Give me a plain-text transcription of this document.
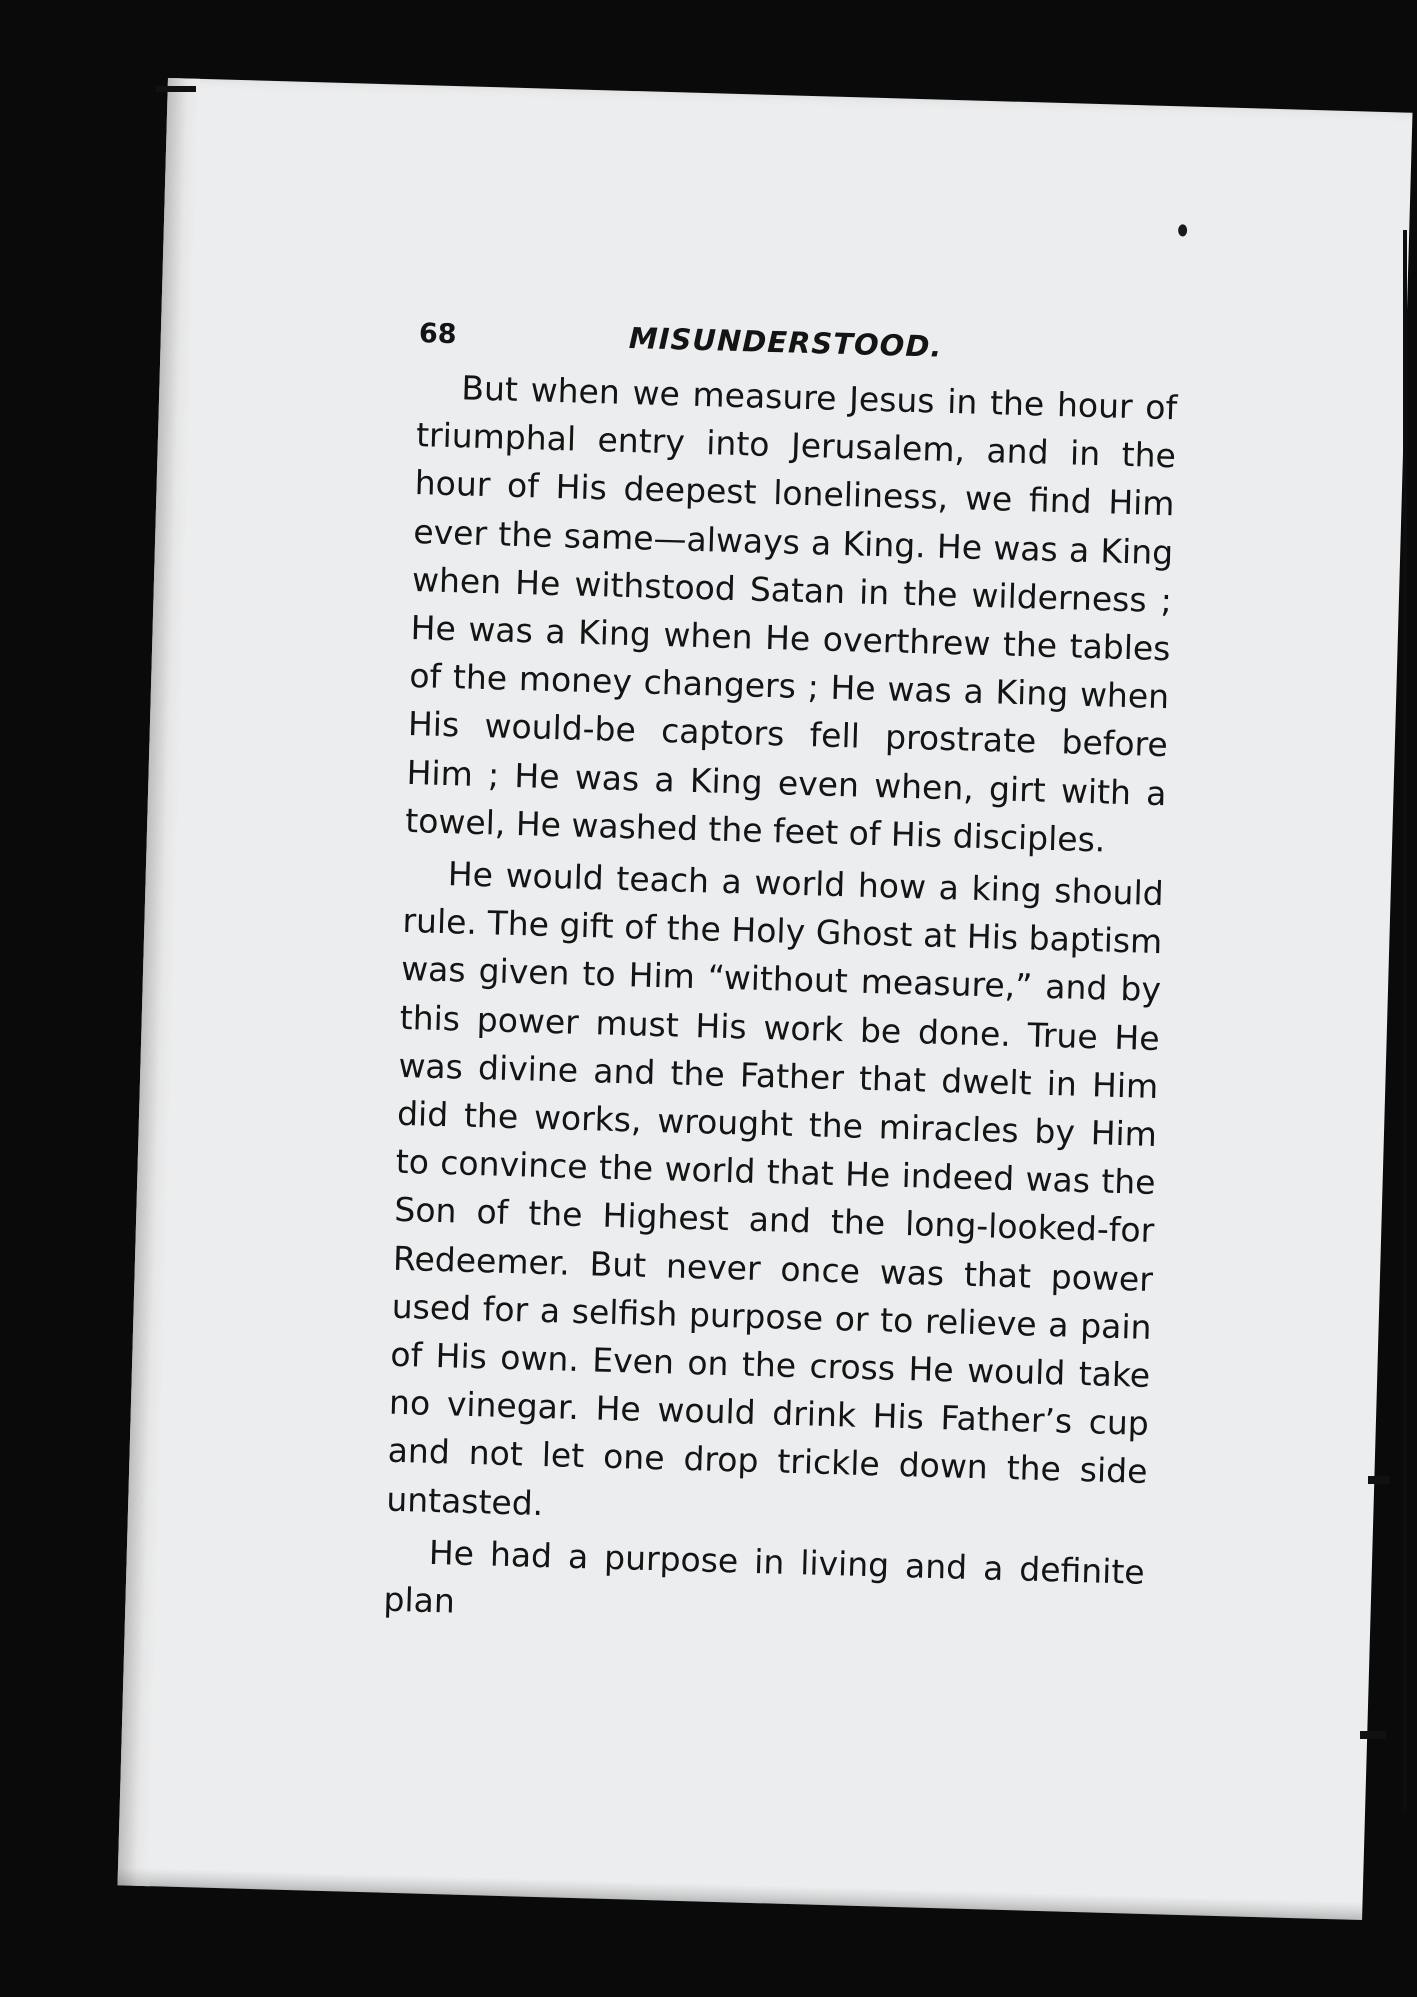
68	MISUNDERSTOOD.

But when we measure Jesus in the hour of triumphal entry into Jerusalem, and in the hour of His deepest loneliness, we find Him ever the same—always a King. He was a King when He withstood Satan in the wilderness ; He was a King when He overthrew the tables of the money changers ; He was a King when His would-be captors fell prostrate before Him ; He was a King even when, girt with a towel, He washed the feet of His disciples.

He would teach a world how a king should rule. The gift of the Holy Ghost at His baptism was given to Him “without measure,” and by this power must His work be done. True He was divine and the Father that dwelt in Him did the works, wrought the miracles by Him to convince the world that He indeed was the Son of the Highest and the long-looked-for Redeemer. But never once was that power used for a selfish purpose or to relieve a pain of His own. Even on the cross He would take no vinegar. He would drink His Father’s cup and not let one drop trickle down the side untasted.

He had a purpose in living and a definite plan
